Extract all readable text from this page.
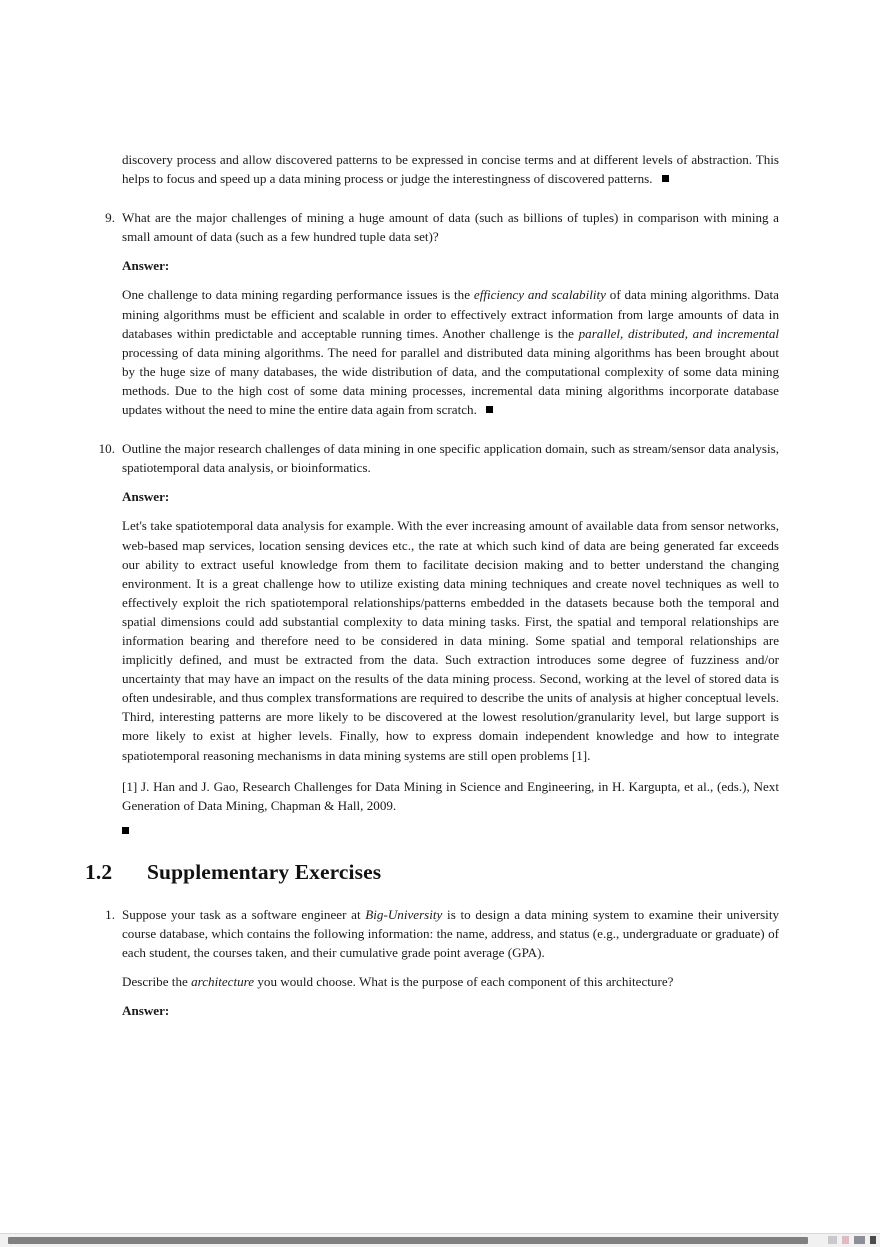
discovery process and allow discovered patterns to be expressed in concise terms and at different levels of abstraction. This helps to focus and speed up a data mining process or judge the interestingness of discovered patterns.

9. What are the major challenges of mining a huge amount of data (such as billions of tuples) in comparison with mining a small amount of data (such as a few hundred tuple data set)?

Answer:

One challenge to data mining regarding performance issues is the efficiency and scalability of data mining algorithms. Data mining algorithms must be efficient and scalable in order to effectively extract information from large amounts of data in databases within predictable and acceptable running times. Another challenge is the parallel, distributed, and incremental processing of data mining algorithms. The need for parallel and distributed data mining algorithms has been brought about by the huge size of many databases, the wide distribution of data, and the computational complexity of some data mining methods. Due to the high cost of some data mining processes, incremental data mining algorithms incorporate database updates without the need to mine the entire data again from scratch.

10. Outline the major research challenges of data mining in one specific application domain, such as stream/sensor data analysis, spatiotemporal data analysis, or bioinformatics.

Answer:

Let's take spatiotemporal data analysis for example. With the ever increasing amount of available data from sensor networks, web-based map services, location sensing devices etc., the rate at which such kind of data are being generated far exceeds our ability to extract useful knowledge from them to facilitate decision making and to better understand the changing environment. It is a great challenge how to utilize existing data mining techniques and create novel techniques as well to effectively exploit the rich spatiotemporal relationships/patterns embedded in the datasets because both the temporal and spatial dimensions could add substantial complexity to data mining tasks. First, the spatial and temporal relationships are information bearing and therefore need to be considered in data mining. Some spatial and temporal relationships are implicitly defined, and must be extracted from the data. Such extraction introduces some degree of fuzziness and/or uncertainty that may have an impact on the results of the data mining process. Second, working at the level of stored data is often undesirable, and thus complex transformations are required to describe the units of analysis at higher conceptual levels. Third, interesting patterns are more likely to be discovered at the lowest resolution/granularity level, but large support is more likely to exist at higher levels. Finally, how to express domain independent knowledge and how to integrate spatiotemporal reasoning mechanisms in data mining systems are still open problems [1].

[1] J. Han and J. Gao, Research Challenges for Data Mining in Science and Engineering, in H. Kargupta, et al., (eds.), Next Generation of Data Mining, Chapman & Hall, 2009.

1.2	Supplementary Exercises
1. Suppose your task as a software engineer at Big-University is to design a data mining system to examine their university course database, which contains the following information: the name, address, and status (e.g., undergraduate or graduate) of each student, the courses taken, and their cumulative grade point average (GPA).

Describe the architecture you would choose. What is the purpose of each component of this architecture?

Answer:
